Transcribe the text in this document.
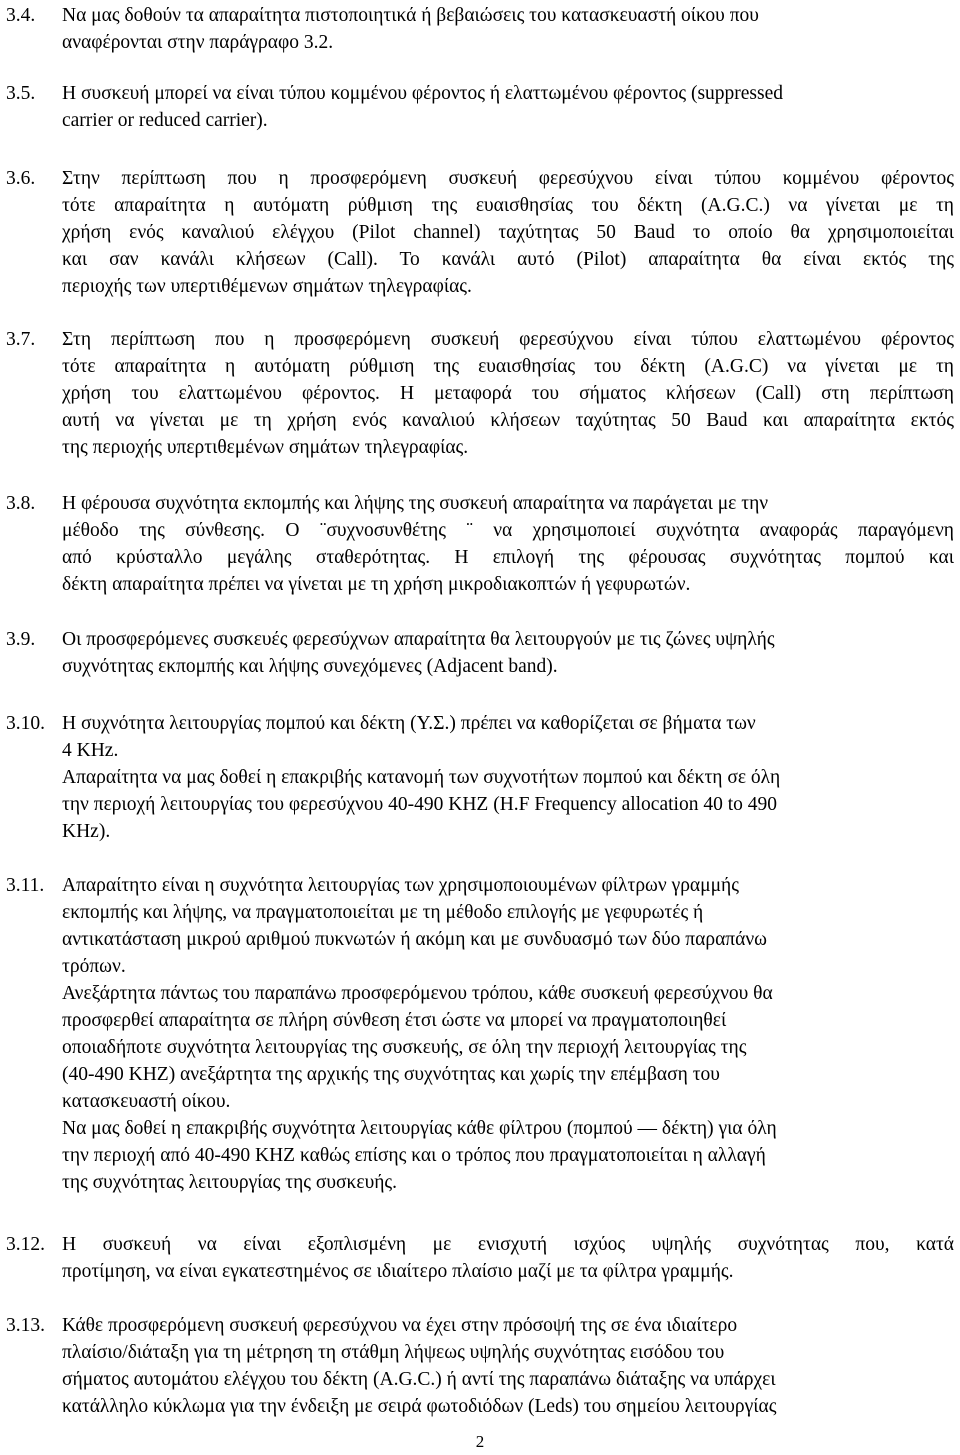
3.4. Να μας δοθούν τα απαραίτητα πιστοποιητικά ή βεβαιώσεις του κατασκευαστή οίκου που
αναφέρονται στην παράγραφο 3.2.
3.5. Η συσκευή μπορεί να είναι τύπου κομμένου φέροντος ή ελαττωμένου φέροντος (suppressed
carrier or reduced carrier).
3.6. Στην περίπτωση που η προσφερόμενη συσκευή φερεσύχνου είναι τύπου κομμένου φέροντος
τότε απαραίτητα η αυτόματη ρύθμιση της ευαισθησίας του δέκτη (A.G.C.) να γίνεται με τη
χρήση ενός καναλιού ελέγχου (Pilot channel) ταχύτητας 50 Baud το οποίο θα χρησιμοποιείται
και σαν κανάλι κλήσεων (Call). Το κανάλι αυτό (Pilot) απαραίτητα θα είναι εκτός της
περιοχής των υπερτιθέμενων σημάτων τηλεγραφίας.
3.7. Στη περίπτωση που η προσφερόμενη συσκευή φερεσύχνου είναι τύπου ελαττωμένου φέροντος
τότε απαραίτητα η αυτόματη ρύθμιση της ευαισθησίας του δέκτη (A.G.C) να γίνεται με τη
χρήση του ελαττωμένου φέροντος. Η μεταφορά του σήματος κλήσεων (Call) στη περίπτωση
αυτή να γίνεται με τη χρήση ενός καναλιού κλήσεων ταχύτητας 50 Baud και απαραίτητα εκτός
της περιοχής υπερτιθεμένων σημάτων τηλεγραφίας.
3.8. Η φέρουσα συχνότητα εκπομπής και λήψης της συσκευή απαραίτητα να παράγεται με την
μέθοδο της σύνθεσης. Ο ¨συχνοσυνθέτης ¨ να χρησιμοποιεί συχνότητα αναφοράς παραγόμενη
από κρύσταλλο μεγάλης σταθερότητας. Η επιλογή της φέρουσας συχνότητας πομπού και
δέκτη απαραίτητα πρέπει να γίνεται με τη χρήση μικροδιακοπτών ή γεφυρωτών.
3.9. Οι προσφερόμενες συσκευές φερεσύχνων απαραίτητα θα λειτουργούν με τις ζώνες υψηλής
συχνότητας εκπομπής και λήψης συνεχόμενες (Adjacent band).
3.10. Η συχνότητα λειτουργίας πομπού και δέκτη (Υ.Σ.) πρέπει να καθορίζεται σε βήματα των
4 KHz.
Απαραίτητα να μας δοθεί η επακριβής κατανομή των συχνοτήτων πομπού και δέκτη σε όλη
την περιοχή λειτουργίας του φερεσύχνου 40-490 KHZ (H.F Frequency allocation 40 to 490
KHz).
3.11. Απαραίτητο είναι η συχνότητα λειτουργίας των χρησιμοποιουμένων φίλτρων γραμμής
εκπομπής και λήψης, να πραγματοποιείται με τη μέθοδο επιλογής με γεφυρωτές ή
αντικατάσταση μικρού αριθμού πυκνωτών ή ακόμη και με συνδυασμό των δύο παραπάνω
τρόπων.
Ανεξάρτητα πάντως του παραπάνω προσφερόμενου τρόπου, κάθε συσκευή φερεσύχνου θα
προσφερθεί απαραίτητα σε πλήρη σύνθεση έτσι ώστε να μπορεί να πραγματοποιηθεί
οποιαδήποτε συχνότητα λειτουργίας της συσκευής, σε όλη την περιοχή λειτουργίας της
(40-490 KHZ) ανεξάρτητα της αρχικής της συχνότητας και χωρίς την επέμβαση του
κατασκευαστή οίκου.
Να μας δοθεί η επακριβής συχνότητα λειτουργίας κάθε φίλτρου (πομπού — δέκτη) για όλη
την περιοχή από 40-490 KHZ καθώς επίσης και ο τρόπος που πραγματοποιείται η αλλαγή
της συχνότητας λειτουργίας της συσκευής.
3.12. Η συσκευή να είναι εξοπλισμένη με ενισχυτή ισχύος υψηλής συχνότητας που, κατά
προτίμηση, να είναι εγκατεστημένος σε ιδιαίτερο πλαίσιο μαζί με τα φίλτρα γραμμής.
3.13. Κάθε προσφερόμενη συσκευή φερεσύχνου να έχει στην πρόσοψή της σε ένα ιδιαίτερο
πλαίσιο/διάταξη για τη μέτρηση τη στάθμη λήψεως υψηλής συχνότητας εισόδου του
σήματος αυτομάτου ελέγχου του δέκτη (A.G.C.) ή αντί της παραπάνω διάταξης να υπάρχει
κατάλληλο κύκλωμα για την ένδειξη με σειρά φωτοδιόδων (Leds) του σημείου λειτουργίας
2
